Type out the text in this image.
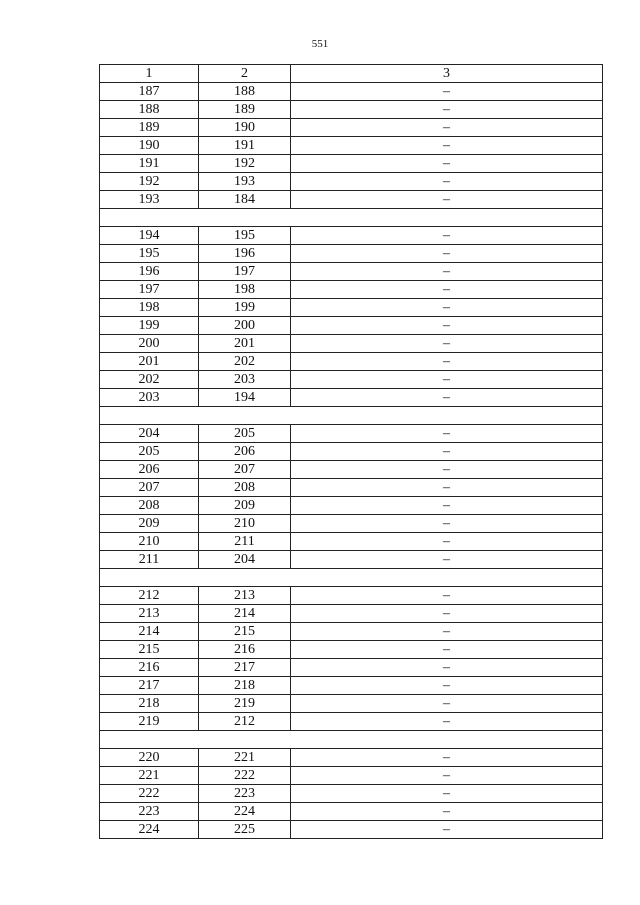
551
1	2	3
187	188	–
188	189	–
189	190	–
190	191	–
191	192	–
192	193	–
193	184	–

194	195	–
195	196	–
196	197	–
197	198	–
198	199	–
199	200	–
200	201	–
201	202	–
202	203	–
203	194	–

204	205	–
205	206	–
206	207	–
207	208	–
208	209	–
209	210	–
210	211	–
211	204	–

212	213	–
213	214	–
214	215	–
215	216	–
216	217	–
217	218	–
218	219	–
219	212	–

220	221	–
221	222	–
222	223	–
223	224	–
224	225	–
